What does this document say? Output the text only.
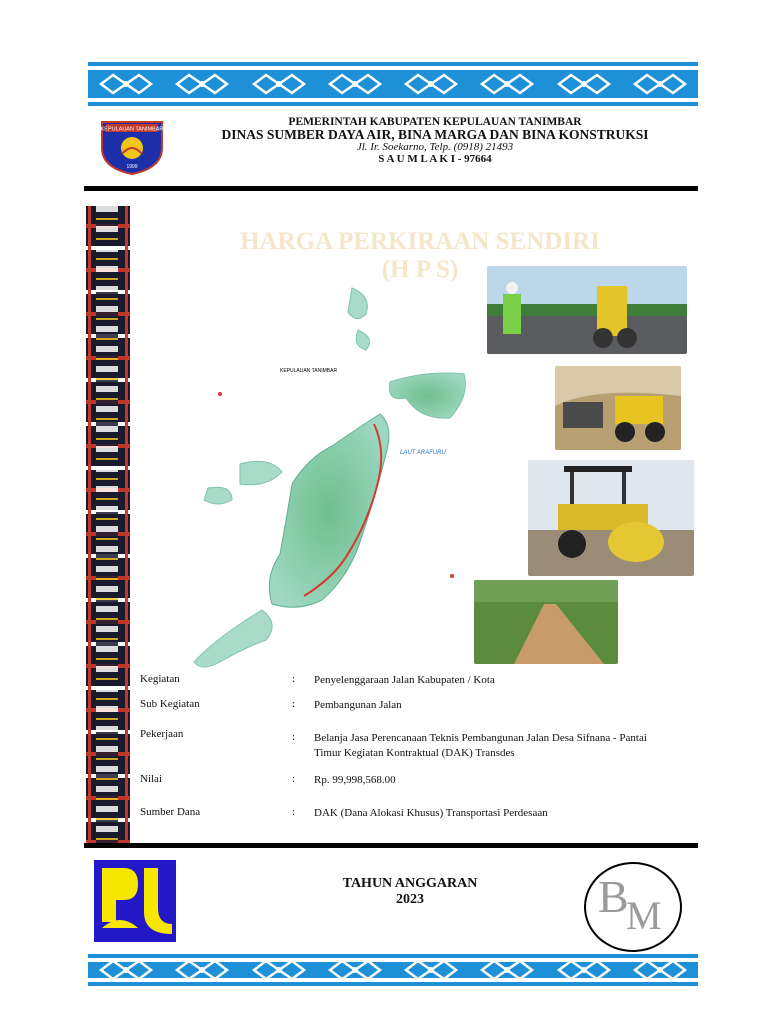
KEPULAUAN TANIMBAR
1999
PEMERINTAH KABUPATEN KEPULAUAN TANIMBAR
DINAS SUMBER DAYA AIR, BINA MARGA DAN BINA KONSTRUKSI
Jl. Ir. Soekarno, Telp. (0918) 21493
S A U M L A K I - 97664
HARGA PERKIRAAN SENDIRI
(H P S)
KEPULAUAN TANIMBAR
LAUT ARAFURU
Kegiatan	: Penyelenggaraan Jalan Kabupaten / Kota
Sub Kegiatan	: Pembangunan Jalan
Pekerjaan	: Belanja Jasa Perencanaan Teknis Pembangunan Jalan Desa Sifnana - Pantai Timur Kegiatan Kontraktual (DAK) Transdes
Nilai	: Rp. 99,998,568.00
Sumber Dana	: DAK (Dana Alokasi Khusus) Transportasi Perdesaan
TAHUN ANGGARAN
2023	B
M
